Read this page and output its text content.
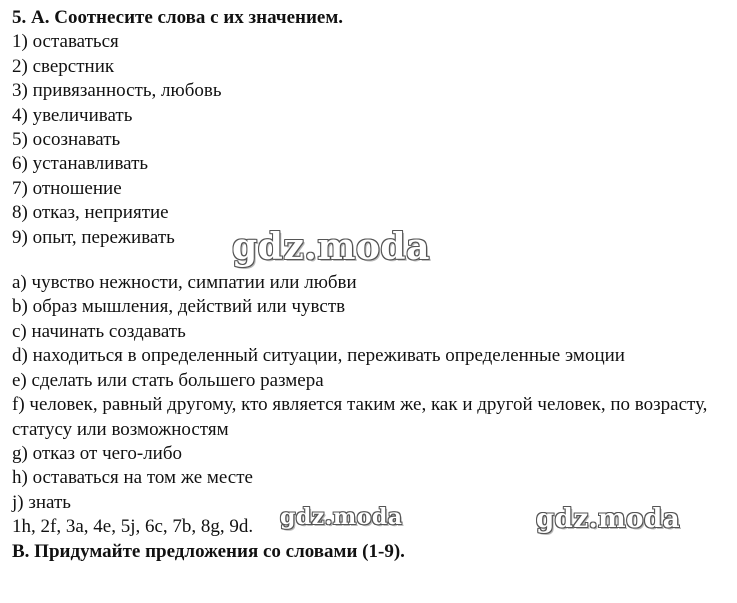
5. А. Соотнесите слова с их значением.
1) оставаться
2) сверстник
3) привязанность, любовь
4) увеличивать
5) осознавать
6) устанавливать
7) отношение
8) отказ, неприятие
9) опыт, переживать
a) чувство нежности, симпатии или любви
b) образ мышления, действий или чувств
c) начинать создавать
d) находиться в определенный ситуации, переживать определенные эмоции
e) сделать или стать большего размера
f) человек, равный другому, кто является таким же, как и другой человек, по возрасту, статусу или возможностям
g) отказ от чего-либо
h) оставаться на том же месте
j) знать
1h, 2f, 3a, 4e, 5j, 6c, 7b, 8g, 9d.
В. Придумайте предложения со словами (1-9).
gdz.moda
gdz.moda	gdz.moda
